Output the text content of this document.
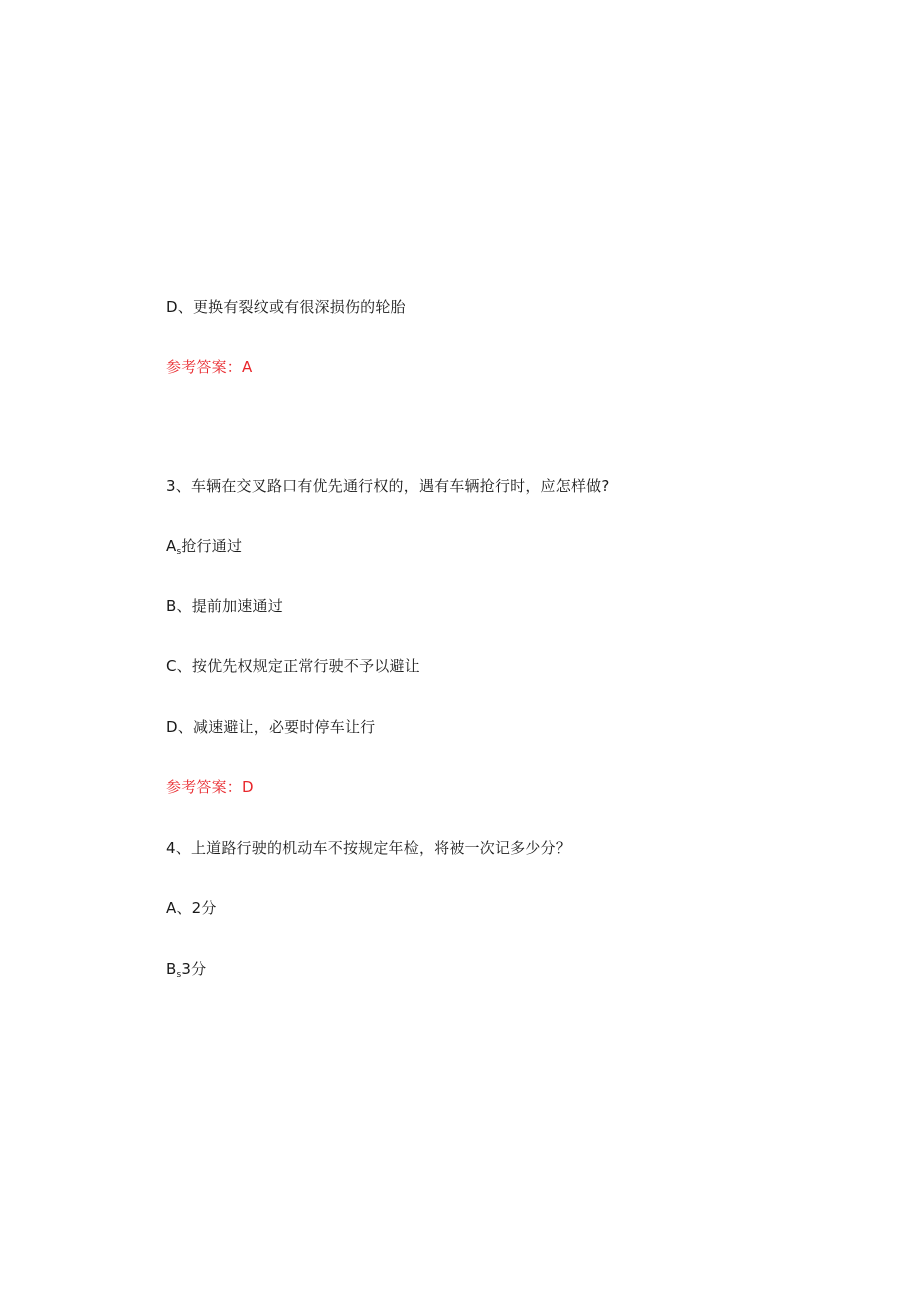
D、更换有裂纹或有很深损伤的轮胎
参考答案：A
3、车辆在交叉路口有优先通行权的，遇有车辆抢行时，应怎样做?
$A_s$抢行通过
B、提前加速通过
C、按优先权规定正常行驶不予以避让
D、减速避让，必要时停车让行
参考答案：D
4、上道路行驶的机动车不按规定年检，将被一次记多少分？
A、2分
$B_s3$分
